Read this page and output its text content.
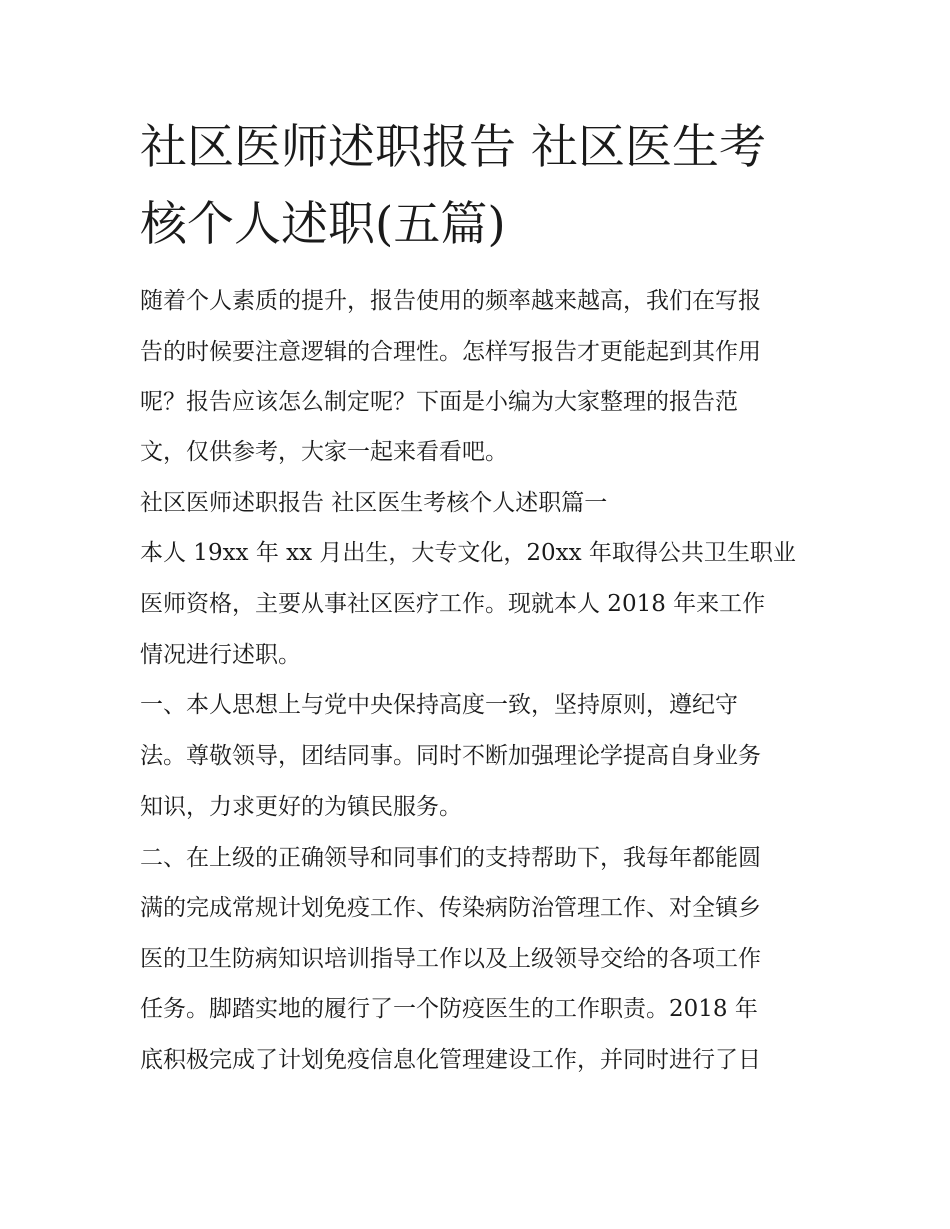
社区医师述职报告 社区医生考
核个人述职(五篇)
随着个人素质的提升，报告使用的频率越来越高，我们在写报
告的时候要注意逻辑的合理性。怎样写报告才更能起到其作用
呢？报告应该怎么制定呢？下面是小编为大家整理的报告范
文，仅供参考，大家一起来看看吧。
社区医师述职报告 社区医生考核个人述职篇一
本人 19xx 年 xx 月出生，大专文化，20xx 年取得公共卫生职业
医师资格，主要从事社区医疗工作。现就本人 2018 年来工作
情况进行述职。
一、本人思想上与党中央保持高度一致，坚持原则，遵纪守
法。尊敬领导，团结同事。同时不断加强理论学提高自身业务
知识，力求更好的为镇民服务。
二、在上级的正确领导和同事们的支持帮助下，我每年都能圆
满的完成常规计划免疫工作、传染病防治管理工作、对全镇乡
医的卫生防病知识培训指导工作以及上级领导交给的各项工作
任务。脚踏实地的履行了一个防疫医生的工作职责。2018 年
底积极完成了计划免疫信息化管理建设工作，并同时进行了日
